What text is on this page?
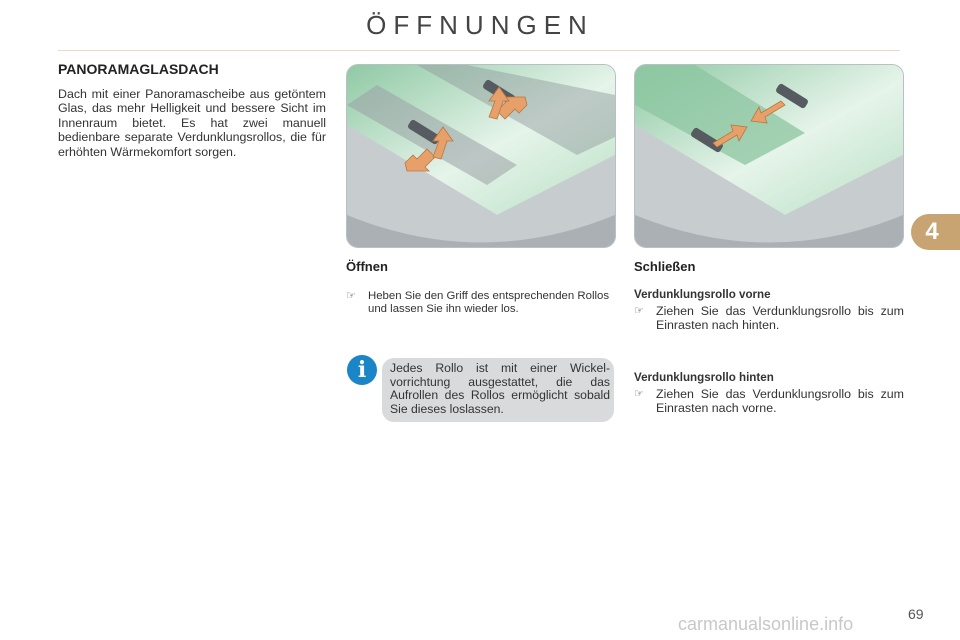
ÖFFNUNGEN
PANORAMAGLASDACH
Dach mit einer Panoramascheibe aus getöntem Glas, das mehr Helligkeit und bessere Sicht im Innenraum bietet. Es hat zwei manuell bedienbare separate Verdunklungsrollos, die für erhöhten Wärmekomfort sorgen.
Öffnen
☞	Heben Sie den Griff des entsprechenden Rollos und lassen Sie ihn wieder los.
i	Jedes Rollo ist mit einer Wickel-vorrichtung ausgestattet, die das Aufrollen des Rollos ermöglicht sobald Sie dieses loslassen.
Schließen
Verdunklungsrollo vorne
☞ Ziehen Sie das Verdunklungsrollo bis zum Einrasten nach hinten.
Verdunklungsrollo hinten
☞ Ziehen Sie das Verdunklungsrollo bis zum Einrasten nach vorne.
4
69
carmanualsonline.info
